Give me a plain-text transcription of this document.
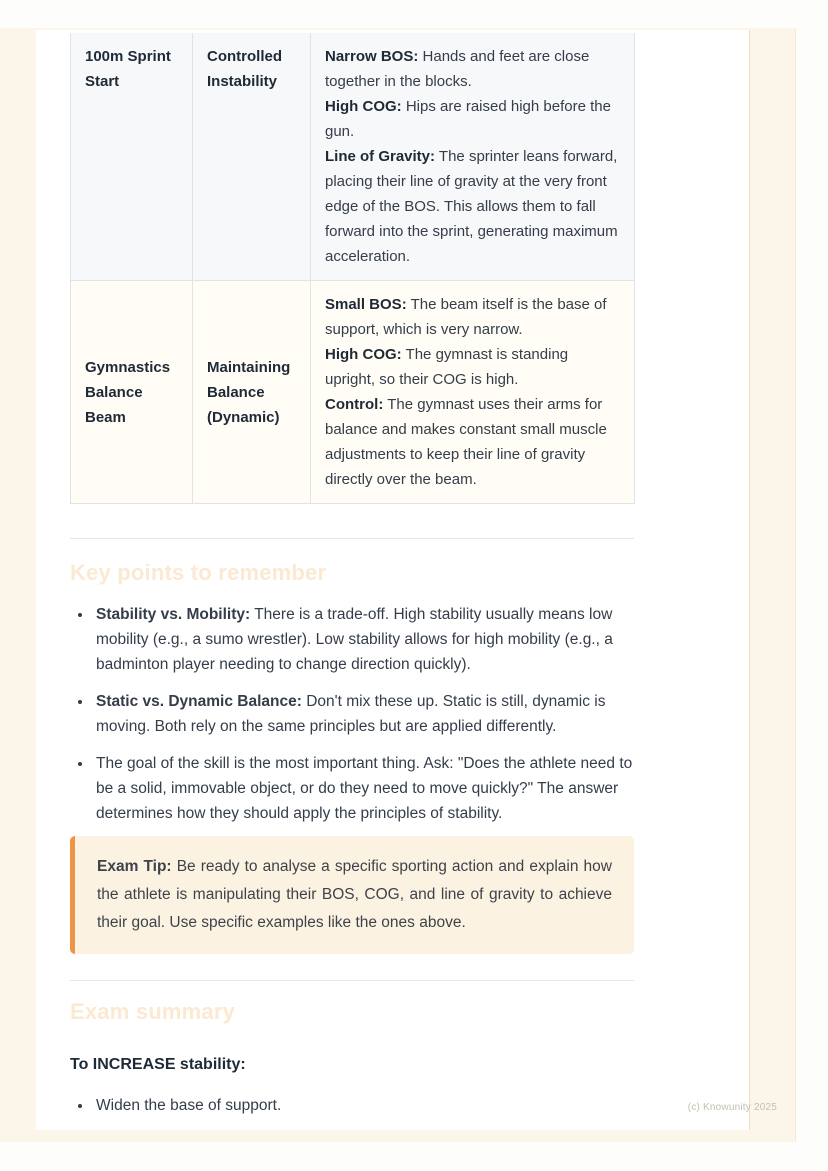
100m Sprint Start	Controlled Instability	Narrow BOS: Hands and feet are close together in the blocks.
High COG: Hips are raised high before the gun.
Line of Gravity: The sprinter leans forward, placing their line of gravity at the very front edge of the BOS. This allows them to fall forward into the sprint, generating maximum acceleration.

Gymnastics Balance Beam	Maintaining Balance (Dynamic)	Small BOS: The beam itself is the base of support, which is very narrow.
High COG: The gymnast is standing upright, so their COG is high.
Control: The gymnast uses their arms for balance and makes constant small muscle adjustments to keep their line of gravity directly over the beam.
Key points to remember
• Stability vs. Mobility: There is a trade-off. High stability usually means low mobility (e.g., a sumo wrestler). Low stability allows for high mobility (e.g., a badminton player needing to change direction quickly).
• Static vs. Dynamic Balance: Don't mix these up. Static is still, dynamic is moving. Both rely on the same principles but are applied differently.
• The goal of the skill is the most important thing. Ask: "Does the athlete need to be a solid, immovable object, or do they need to move quickly?" The answer determines how they should apply the principles of stability.
Exam Tip: Be ready to analyse a specific sporting action and explain how the athlete is manipulating their BOS, COG, and line of gravity to achieve their goal. Use specific examples like the ones above.
Exam summary

To INCREASE stability:

• Widen the base of support.	(c) Knowunity 2025
